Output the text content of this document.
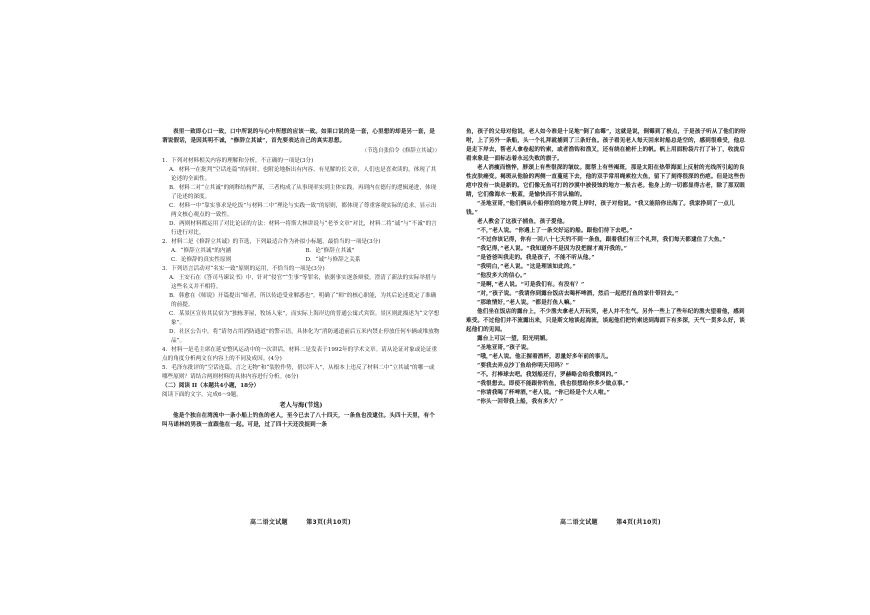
表里一致即心口一致，口中所说的与心中所想的应该一致。如果口说的是一套，心里想的却是另一套，是谓说假话，是因其明不诚，“修辞立其诚”，首先要表达自己的真实思想。

（节选自张伯令《修辞立其诚》）

1．下列对材料相关内容的理解和分析，不正确的一项是(3分)

A．材料一在批判“空话连篇”的同时，也附论地指出有内容、有见解的长文章，人们也是喜欢读的，体现了其论述的全面性。

B．材料二对“立其诚”的阐释结构严谨，三者构成了从事现率实到主体实践，再到内在德行的逻辑递进，体现了论述的深度。

C．材料一中“靠实事求是吃饭”与材料二中“理论与实践一致”的原则，都体现了尊重客观实际的追求，显示出两文核心观点的一致性。

D．两则材料都运用了对比论证的方法：材料一将斯大林讲说与“老爷文章”对比，材料二将“诚”与“不诚”的言行进行对比。

2．材料二是《修辞立其诚》的节选，下列最适合作为补拟小标题，最恰当的一项是(3分)

A．“修辞立其诚”的内涵	B．论“修辞立其诚”
C．论修辞的真实性原则	D．“诚”与修辞之关系

3．下列语言活动对“名实一致”原则的运用，不恰当的一项是(3分)

A．王安石在《答司马谏议书》中，针对“侵官”“生事”等罪名，依据事实逐条辩驳，澄清了新法的实际举措与这些名义并不相符。

B．韩愈在《师说》开篇提出“师者，所以传道受业解惑也”，明确了“师”的核心职能，为其后论述奠定了准确的前提。

C．某景区宣传其民宿为“独栋茅屋，牧场人家”，而实际上海岸边的普通公寓式宾馆。景区则此描述为“文学想象”。

D．社区公告中，将“请勿占用消防通道”的警示语，具体化为“消防通道前后五米内禁止停放任何车辆或堆放物品”。

4．材料一是毛主席在延安整风运动中的一次讲话，材料二是发表于1992年的学术文章。请从论证对象或论证重点的角度分析两文在内容上的不同及成因。(4分)

5．毛泽东批评的“空话连篇，言之无物”和“装腔作势，借以吓人”，从根本上违反了材料二中“立其诚”的哪一或哪些原则？请结合两则材料的具体内容进行分析。(6分)

（二）阅读 II（本题共4小题，18分）

阅读下面的文字，完成6～9题。

老人与海(节选)

他是个独自在湾流中一条小船上钓鱼的老人，至今已去了八十四天，一条鱼也没逮住。头四十天里，有个叫马诺林的男孩一直跟他在一起。可是，过了四十天还没捉到一条

高二语文试题	第3页(共10页)

鱼，孩子的父母对他说，老人如今准是十足地“倒了血霉”，这就是说，倒霉到了极点，于是孩子听从了他们的吩咐，上了另外一条船，头一个礼拜就捕到了三条好鱼。孩子看见老人每天回来时船总是空的，感到很难受，他总是走下岸去，帮老人拿卷起的钓索，或者渔钩和渔叉，还有绕在桅杆上的帆。帆上用面粉袋片打了补丁，收拢后看来象是一面标志着永远失败的旗子。

老人消瘦而憔悴，脖颈上有些很深的皱纹。腮帮上有些褐斑，那是太阳在热带海面上反射的光线所引起的良性皮肤癌变。褐斑从他脸的两侧一直蔓延下去，他的双手常用绳索拉大鱼，留下了刻得很深的伤疤。但是这些伤疤中没有一块是新的。它们像无鱼可打的沙漠中被侵蚀的地方一般古老。他身上的一切都显得古老，除了那双眼睛，它们像海水一般蓝，是愉快而不肯认输的。

“圣地亚哥，”他们俩从小船停泊的地方爬上岸时，孩子对他说。“我又能陪你出海了。我家挣到了一点儿钱。”

老人教会了这孩子捕鱼，孩子爱他。

“不，”老人说。“你遇上了一条交好运的船。跟他们待下去吧。”

“不过你该记得，你有一回八十七天钓不到一条鱼，跟着我们有三个礼拜，我们每天都逮住了大鱼。”

“我记得，”老人说。“我知道你不是因为没把握才离开我的。”

“是爸爸叫我走的。我是孩子，不能不听从他。”

“我明白，”老人说。“这是理该如此的。”

“他没多大的信心。”

“是啊，”老人说。“可是我们有。有没有？”

“对，”孩子说。“我请你到露台饭店去喝杯啤酒，然后一起把打鱼的家什带回去。”

“那敢情好，”老人说。“都是打鱼人嘛。”

他们坐在饭店的露台上，不少渔夫拿老人开玩笑，老人并不生气。另外一些上了些年纪的渔夫望着他，感到难受。不过他们并不流露出来，只是斯文地谈起海流，谈起他们把钓索送到海面下有多深，天气一贯多么好，谈起他们的见闻。

露台上可以一望，阳光明媚。

“圣地亚哥，”孩子说。

“哦，”老人说。他正握着酒杯，思量好多年前的事儿。

“要我去弄点沙丁鱼给你明天用吗？”

“不。打棒球去吧。我划船还行，罗赫略会给我撒网的。”

“我很想去。即使不能跟你钓鱼，我也很想给你多少做点事。”

“你请我喝了杯啤酒，”老人说。“你已经是个大人啦。”

“你头一回带我上船，我有多大？”

高二语文试题	第4页(共10页)
